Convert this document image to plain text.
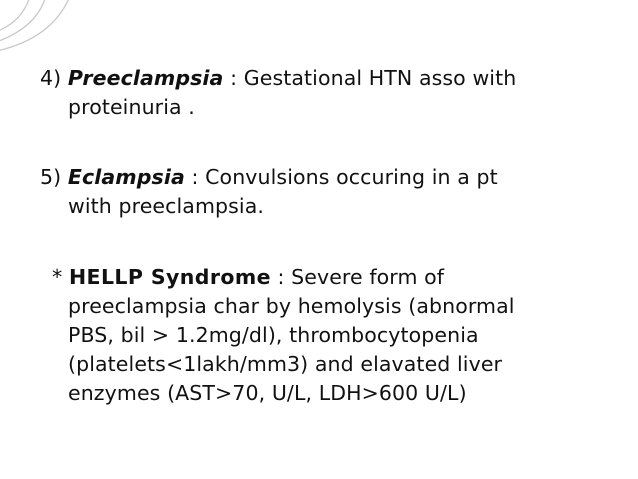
4) Preeclampsia : Gestational HTN asso with
proteinuria .
5) Eclampsia : Convulsions occuring in a pt
with preeclampsia.
* HELLP Syndrome : Severe form of
preeclampsia char by hemolysis (abnormal
PBS, bil > 1.2mg/dl), thrombocytopenia
(platelets<1lakh/mm3) and elavated liver
enzymes (AST>70, U/L, LDH>600 U/L)
